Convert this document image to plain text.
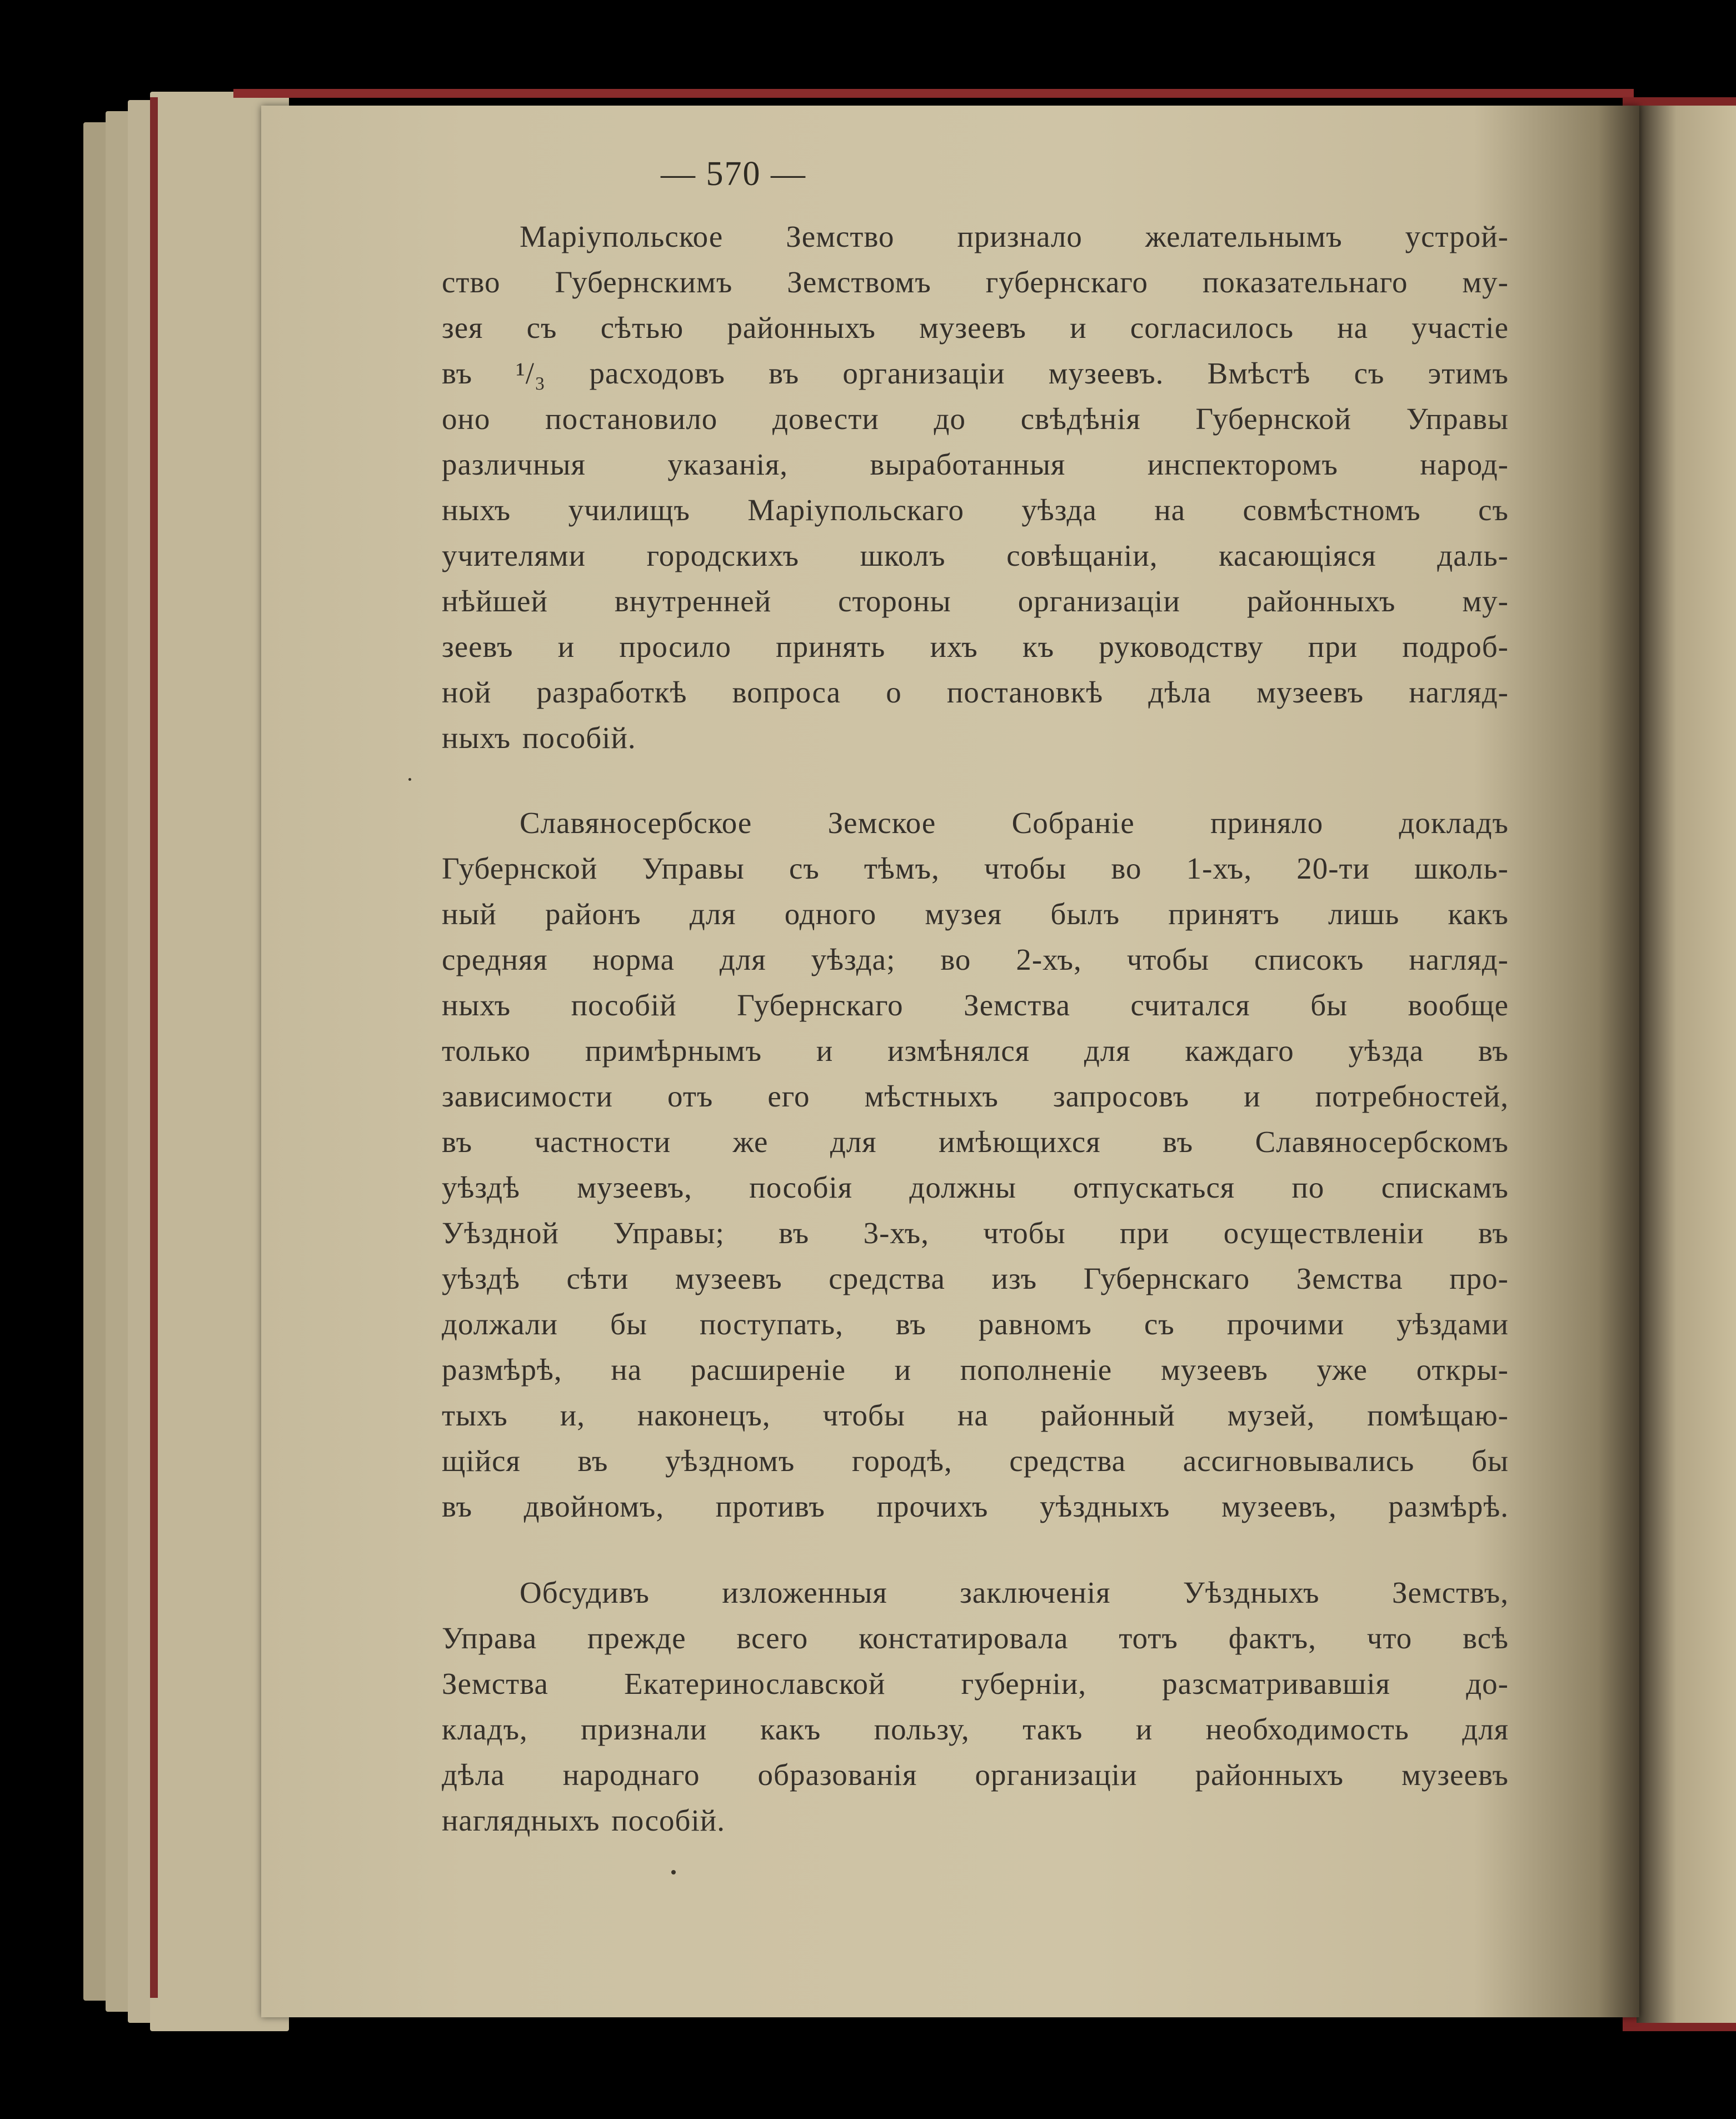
— 570 —
Маріупольское Земство признало желательнымъ устрой-
ство Губернскимъ Земствомъ губернскаго показательнаго му-
зея съ сѣтью районныхъ музеевъ и согласилось на участіе
въ ¹/₃ расходовъ въ организаціи музеевъ. Вмѣстѣ съ этимъ
оно постановило довести до свѣдѣнія Губернской Управы
различныя указанія, выработанныя инспекторомъ народ-
ныхъ училищъ Маріупольскаго уѣзда на совмѣстномъ съ
учителями городскихъ школъ совѣщаніи, касающіяся даль-
нѣйшей внутренней стороны организаціи районныхъ му-
зеевъ и просило принять ихъ къ руководству при подроб-
ной разработкѣ вопроса о постановкѣ дѣла музеевъ нагляд-
ныхъ пособій.
Славяносербское Земское Собраніе приняло докладъ
Губернской Управы съ тѣмъ, чтобы во 1-хъ, 20-ти школь-
ный районъ для одного музея былъ принятъ лишь какъ
средняя норма для уѣзда; во 2-хъ, чтобы списокъ нагляд-
ныхъ пособій Губернскаго Земства считался бы вообще
только примѣрнымъ и измѣнялся для каждаго уѣзда въ
зависимости отъ его мѣстныхъ запросовъ и потребностей,
въ частности же для имѣющихся въ Славяносербскомъ
уѣздѣ музеевъ, пособія должны отпускаться по спискамъ
Уѣздной Управы; въ 3-хъ, чтобы при осуществленіи въ
уѣздѣ сѣти музеевъ средства изъ Губернскаго Земства про-
должали бы поступать, въ равномъ съ прочими уѣздами
размѣрѣ, на расширеніе и пополненіе музеевъ уже откры-
тыхъ и, наконецъ, чтобы на районный музей, помѣщаю-
щійся въ уѣздномъ городѣ, средства ассигновывались бы
въ двойномъ, противъ прочихъ уѣздныхъ музеевъ, размѣрѣ.
Обсудивъ изложенныя заключенія Уѣздныхъ Земствъ,
Управа прежде всего констатировала тотъ фактъ, что всѣ
Земства Екатеринославской губерніи, разсматривавшія до-
кладъ, признали какъ пользу, такъ и необходимость для
дѣла народнаго образованія организаціи районныхъ музеевъ
наглядныхъ пособій.
